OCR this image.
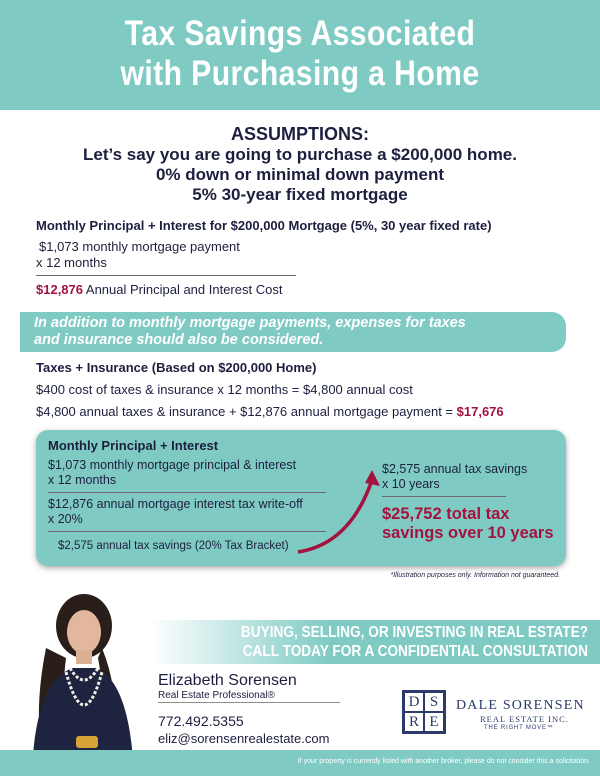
Tax Savings Associated
with Purchasing a Home
ASSUMPTIONS:
Let’s say you are going to purchase a $200,000 home.
0% down or minimal down payment
5% 30-year fixed mortgage
Monthly Principal + Interest for $200,000 Mortgage (5%, 30 year fixed rate)
$1,073 monthly mortgage payment
x 12 months
$12,876 Annual Principal and Interest Cost
In addition to monthly mortgage payments, expenses for taxes
and insurance should also be considered.
Taxes + Insurance (Based on $200,000 Home)
$400 cost of taxes & insurance x 12 months = $4,800 annual cost
$4,800 annual taxes & insurance + $12,876 annual mortgage payment = $17,676
Monthly Principal + Interest
$1,073 monthly mortgage principal & interest
x 12 months
$12,876 annual mortgage interest tax write-off
x 20%
$2,575 annual tax savings (20% Tax Bracket)
$2,575 annual tax savings
x 10 years
$25,752 total tax
savings over 10 years
*Illustration purposes only. Information not guaranteed.
BUYING, SELLING, OR INVESTING IN REAL ESTATE?
CALL TODAY FOR A CONFIDENTIAL CONSULTATION
Elizabeth Sorensen
Real Estate Professional®
772.492.5355
eliz@sorensenrealestate.com
D S
R E
DALE SORENSEN
REAL ESTATE INC.
THE RIGHT MOVE™
If your property is currently listed with another broker, please do not consider this a solicitation.
